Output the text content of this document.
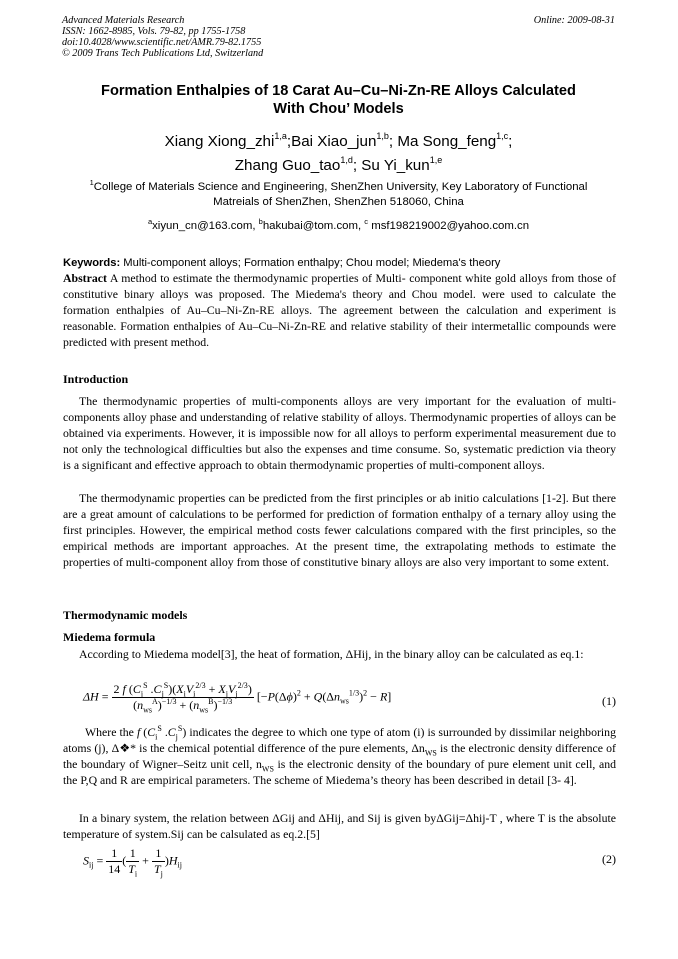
Advanced Materials Research
ISSN: 1662-8985, Vols. 79-82, pp 1755-1758
doi:10.4028/www.scientific.net/AMR.79-82.1755
© 2009 Trans Tech Publications Ltd, Switzerland
Online: 2009-08-31
Formation Enthalpies of 18 Carat Au–Cu–Ni-Zn-RE Alloys Calculated
With Chou’ Models
Xiang Xiong_zhi$^{1,a}$;Bai Xiao_jun$^{1,b}$; Ma Song_feng$^{1,c}$;
Zhang Guo_tao$^{1,d}$; Su Yi_kun$^{1,e}$
$^1$College of Materials Science and Engineering, ShenZhen University, Key Laboratory of Functional
Matreials of ShenZhen, ShenZhen 518060, China
$^a$xiyun_cn@163.com, $^b$hakubai@tom.com, $^c$ msf198219002@yahoo.com.cn
Keywords: Multi-component alloys; Formation enthalpy; Chou model; Miedema's theory
Abstract A method to estimate the thermodynamic properties of Multi- component white gold alloys from those of constitutive binary alloys was proposed. The Miedema's theory and Chou model. were used to calculate the formation enthalpies of Au–Cu–Ni-Zn-RE alloys. The agreement between the calculation and experiment is reasonable. Formation enthalpies of Au–Cu–Ni-Zn-RE and relative stability of their intermetallic compounds were predicted with present method.
Introduction
The thermodynamic properties of multi-components alloys are very important for the evaluation of multi-components alloy phase and understanding of relative stability of alloys. Thermodynamic properties of alloys can be obtained via experiments. However, it is impossible now for all alloys to perform experimental measurement due to not only the technological difficulties but also the expenses and time consume. So, systematic prediction via theory is a significant and effective approach to obtain thermodynamic properties of multi-component alloys.
The thermodynamic properties can be predicted from the first principles or ab initio calculations [1-2]. But there are a great amount of calculations to be performed for prediction of formation enthalpy of a ternary alloy using the first principles. However, the empirical method costs fewer calculations compared with the first principles, so the empirical methods are important approaches. At the present time, the extrapolating methods to estimate the properties of multi-component alloy from those of constitutive binary alloys are also very important to some extent.
Thermodynamic models
Miedema formula
According to Miedema model[3], the heat of formation, ΔHij, in the binary alloy can be calculated as eq.1:
$\Delta H = \frac{2 f (C_i^S .C_j^S)(X_iV_i^{2/3} + X_jV_j^{2/3})}{(n_{ws}^A)^{-1/3} + (n_{ws}^B)^{-1/3}} [-P(\Delta\phi)^2 + Q(\Delta n_{ws}^{1/3})^2 - R]$	(1)
Where the f ($C_i^S$ $.C_j^S$) indicates the degree to which one type of atom (i) is surrounded by dissimilar neighboring atoms (j), Δ❖* is the chemical potential difference of the pure elements, $\Delta n_{WS}$ is the electronic density difference of the boundary of Wigner–Seitz unit cell, $n_{WS}$ is the electronic density of the boundary of pure element unit cell, and the P,Q and R are empirical parameters. The scheme of Miedema’s theory has been described in detail [3- 4].
In a binary system, the relation between ΔGij and ΔHij, and Sij is given byΔGij=Δhij-T , where T is the absolute temperature of system.Sij can be calsulated as eq.2.[5]
$S_{ij} = \frac{1}{14}$ ( $\frac{1}{T_i} + \frac{1}{T_j} )H_{ij}$	(2)
